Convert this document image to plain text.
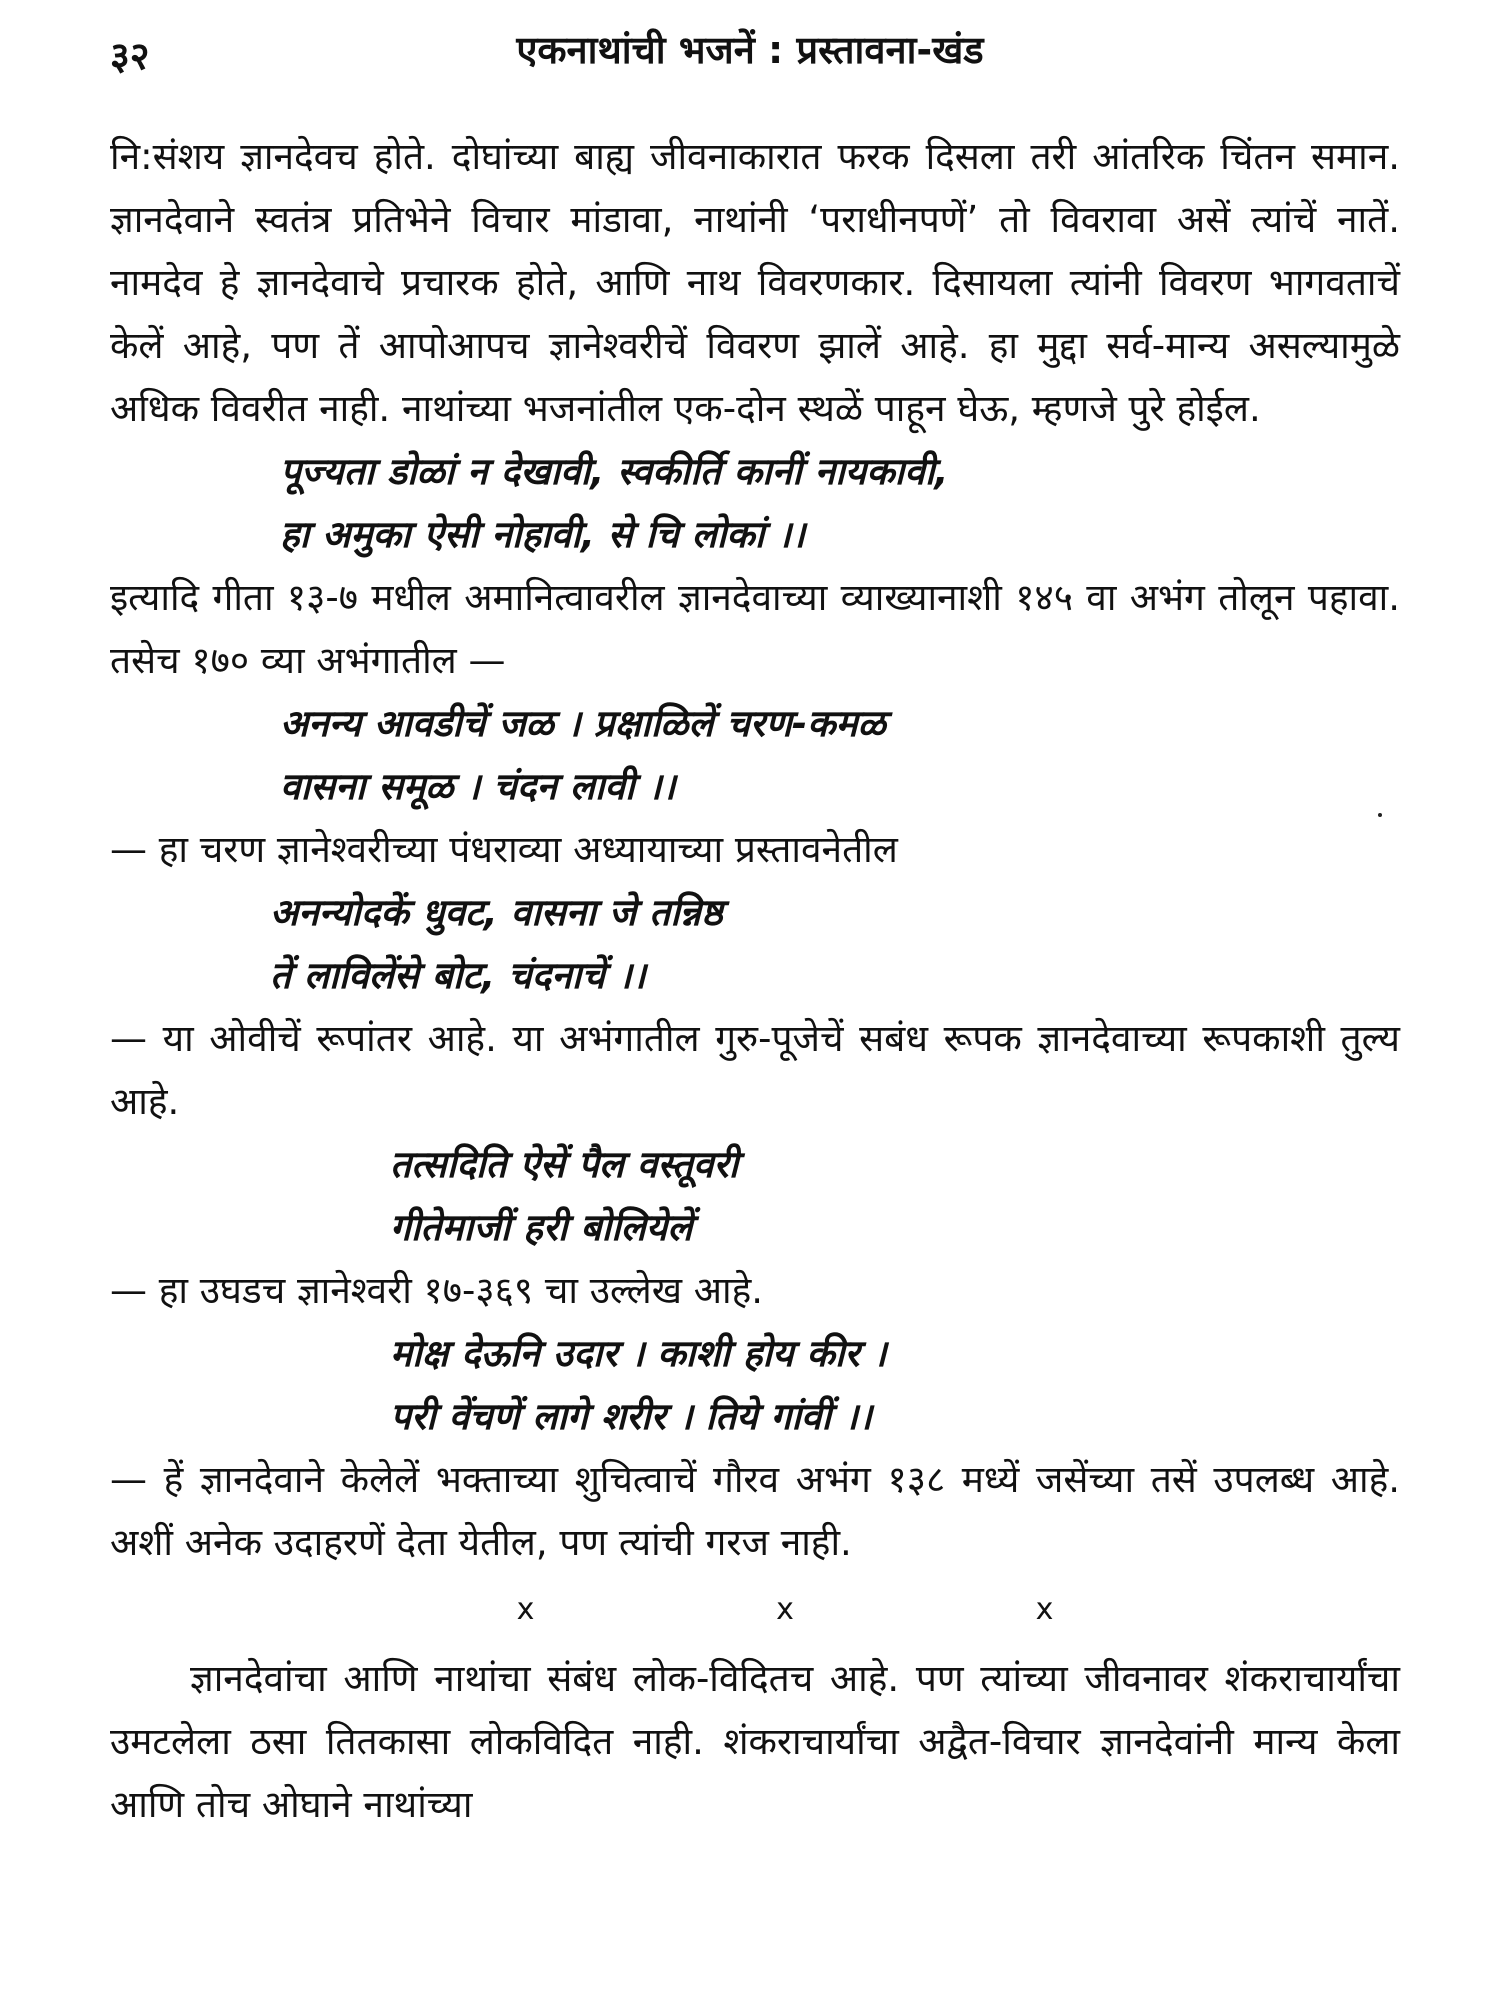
३२	एकनाथांची भजनें : प्रस्तावना-खंड

नि:संशय ज्ञानदेवच होते. दोघांच्या बाह्य जीवनाकारात फरक दिसला तरी आंतरिक चिंतन समान. ज्ञानदेवाने स्वतंत्र प्रतिभेने विचार मांडावा, नाथांनी ‘पराधीनपणें’ तो विवरावा असें त्यांचें नातें. नामदेव हे ज्ञानदेवाचे प्रचारक होते, आणि नाथ विवरणकार. दिसायला त्यांनी विवरण भागवताचें केलें आहे, पण तें आपोआपच ज्ञानेश्वरीचें विवरण झालें आहे. हा मुद्दा सर्व-मान्य असल्यामुळे अधिक विवरीत नाही. नाथांच्या भजनांतील एक-दोन स्थळें पाहून घेऊ, म्हणजे पुरे होईल.

पूज्यता डोळां न देखावी, स्वकीर्ति कानीं नायकावी,

हा अमुका ऐसी नोहावी, से चि लोकां ।।

इत्यादि गीता १३-७ मधील अमानित्वावरील ज्ञानदेवाच्या व्याख्यानाशी १४५ वा अभंग तोलून पहावा. तसेच १७० व्या अभंगातील —

अनन्य आवडीचें जळ । प्रक्षाळिलें चरण-कमळ

वासना समूळ । चंदन लावी ।।

— हा चरण ज्ञानेश्वरीच्या पंधराव्या अध्यायाच्या प्रस्तावनेतील

अनन्योदकें धुवट, वासना जे तन्निष्ठ

तें लाविलेंसे बोट, चंदनाचें ।।

— या ओवीचें रूपांतर आहे. या अभंगातील गुरु-पूजेचें सबंध रूपक ज्ञानदेवाच्या रूपकाशी तुल्य आहे.

तत्सदिति ऐसें पैल वस्तूवरी

गीतेमाजीं हरी बोलियेलें

— हा उघडच ज्ञानेश्वरी १७-३६९ चा उल्लेख आहे.

मोक्ष देऊनि उदार । काशी होय कीर ।

परी वेंचणें लागे शरीर । तिये गांवीं ।।

— हें ज्ञानदेवाने केलेलें भक्ताच्या शुचित्वाचें गौरव अभंग १३८ मध्यें जसेंच्या तसें उपलब्ध आहे. अशीं अनेक उदाहरणें देता येतील, पण त्यांची गरज नाही.

x	x	x

ज्ञानदेवांचा आणि नाथांचा संबंध लोक-विदितच आहे. पण त्यांच्या जीवनावर शंकराचार्यांचा उमटलेला ठसा तितकासा लोकविदित नाही. शंकराचार्यांचा अद्वैत-विचार ज्ञानदेवांनी मान्य केला आणि तोच ओघाने नाथांच्या
